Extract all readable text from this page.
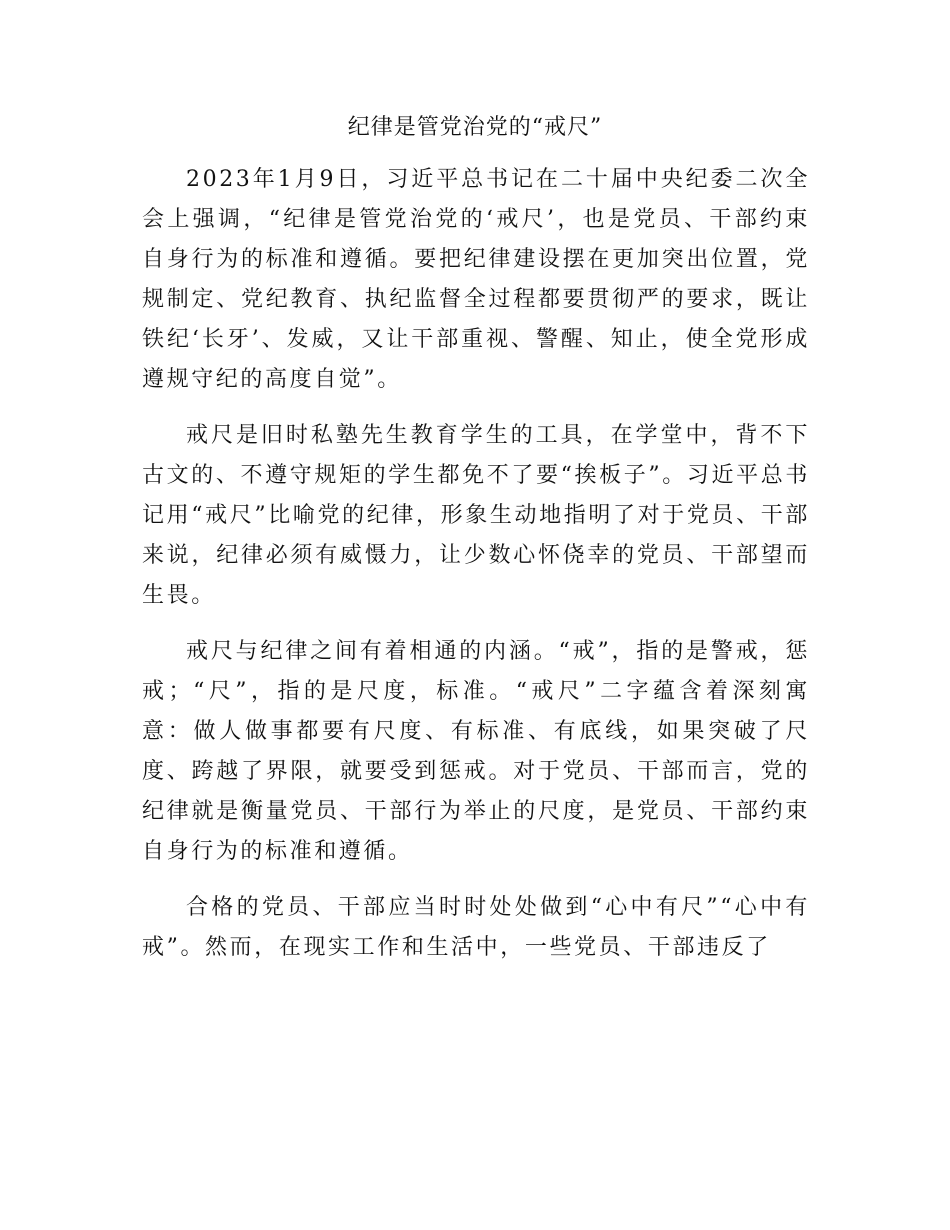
纪律是管党治党的“戒尺”

2023年1月9日，习近平总书记在二十届中央纪委二次全会上强调，“纪律是管党治党的‘戒尺’，也是党员、干部约束自身行为的标准和遵循。要把纪律建设摆在更加突出位置，党规制定、党纪教育、执纪监督全过程都要贯彻严的要求，既让铁纪‘长牙’、发威，又让干部重视、警醒、知止，使全党形成遵规守纪的高度自觉”。

戒尺是旧时私塾先生教育学生的工具，在学堂中，背不下古文的、不遵守规矩的学生都免不了要“挨板子”。习近平总书记用“戒尺”比喻党的纪律，形象生动地指明了对于党员、干部来说，纪律必须有威慑力，让少数心怀侥幸的党员、干部望而生畏。

戒尺与纪律之间有着相通的内涵。“戒”，指的是警戒，惩戒；“尺”，指的是尺度，标准。“戒尺”二字蕴含着深刻寓意：做人做事都要有尺度、有标准、有底线，如果突破了尺度、跨越了界限，就要受到惩戒。对于党员、干部而言，党的纪律就是衡量党员、干部行为举止的尺度，是党员、干部约束自身行为的标准和遵循。

合格的党员、干部应当时时处处做到“心中有尺”“心中有戒”。然而，在现实工作和生活中，一些党员、干部违反了
